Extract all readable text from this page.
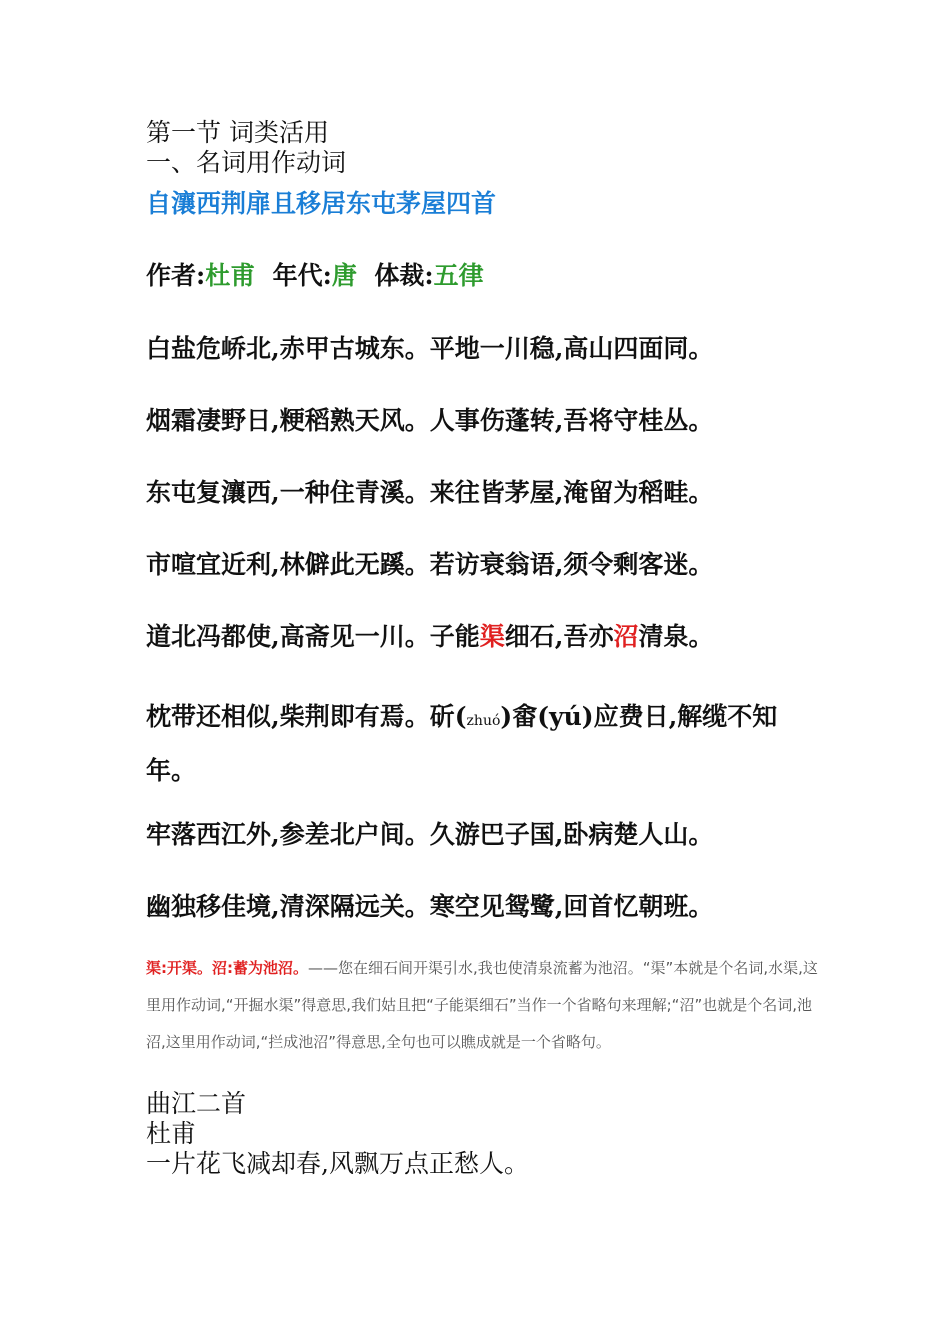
第一节 词类活用
一、名词用作动词
自瀼西荆扉且移居东屯茅屋四首
作者:杜甫 年代:唐 体裁:五律

白盐危峤北,赤甲古城东。平地一川稳,高山四面同。

烟霜凄野日,粳稻熟天风。人事伤蓬转,吾将守桂丛。

东屯复瀼西,一种住青溪。来往皆茅屋,淹留为稻畦。

市喧宜近利,林僻此无蹊。若访衰翁语,须令剩客迷。

道北冯都使,高斋见一川。子能渠细石,吾亦沼清泉。

枕带还相似,柴荆即有焉。斫(zhuó)畬(yú)应费日,解缆不知年。

牢落西江外,参差北户间。久游巴子国,卧病楚人山。

幽独移佳境,清深隔远关。寒空见鸳鹭,回首忆朝班。

渠:开渠。沼:蓄为池沼。——您在细石间开渠引水,我也使清泉流蓄为池沼。“渠”本就是个名词,水渠,这里用作动词,“开掘水渠”得意思,我们姑且把“子能渠细石”当作一个省略句来理解;“沼”也就是个名词,池沼,这里用作动词,“拦成池沼”得意思,全句也可以瞧成就是一个省略句。

曲江二首

杜甫

一片花飞减却春,风飘万点正愁人。
